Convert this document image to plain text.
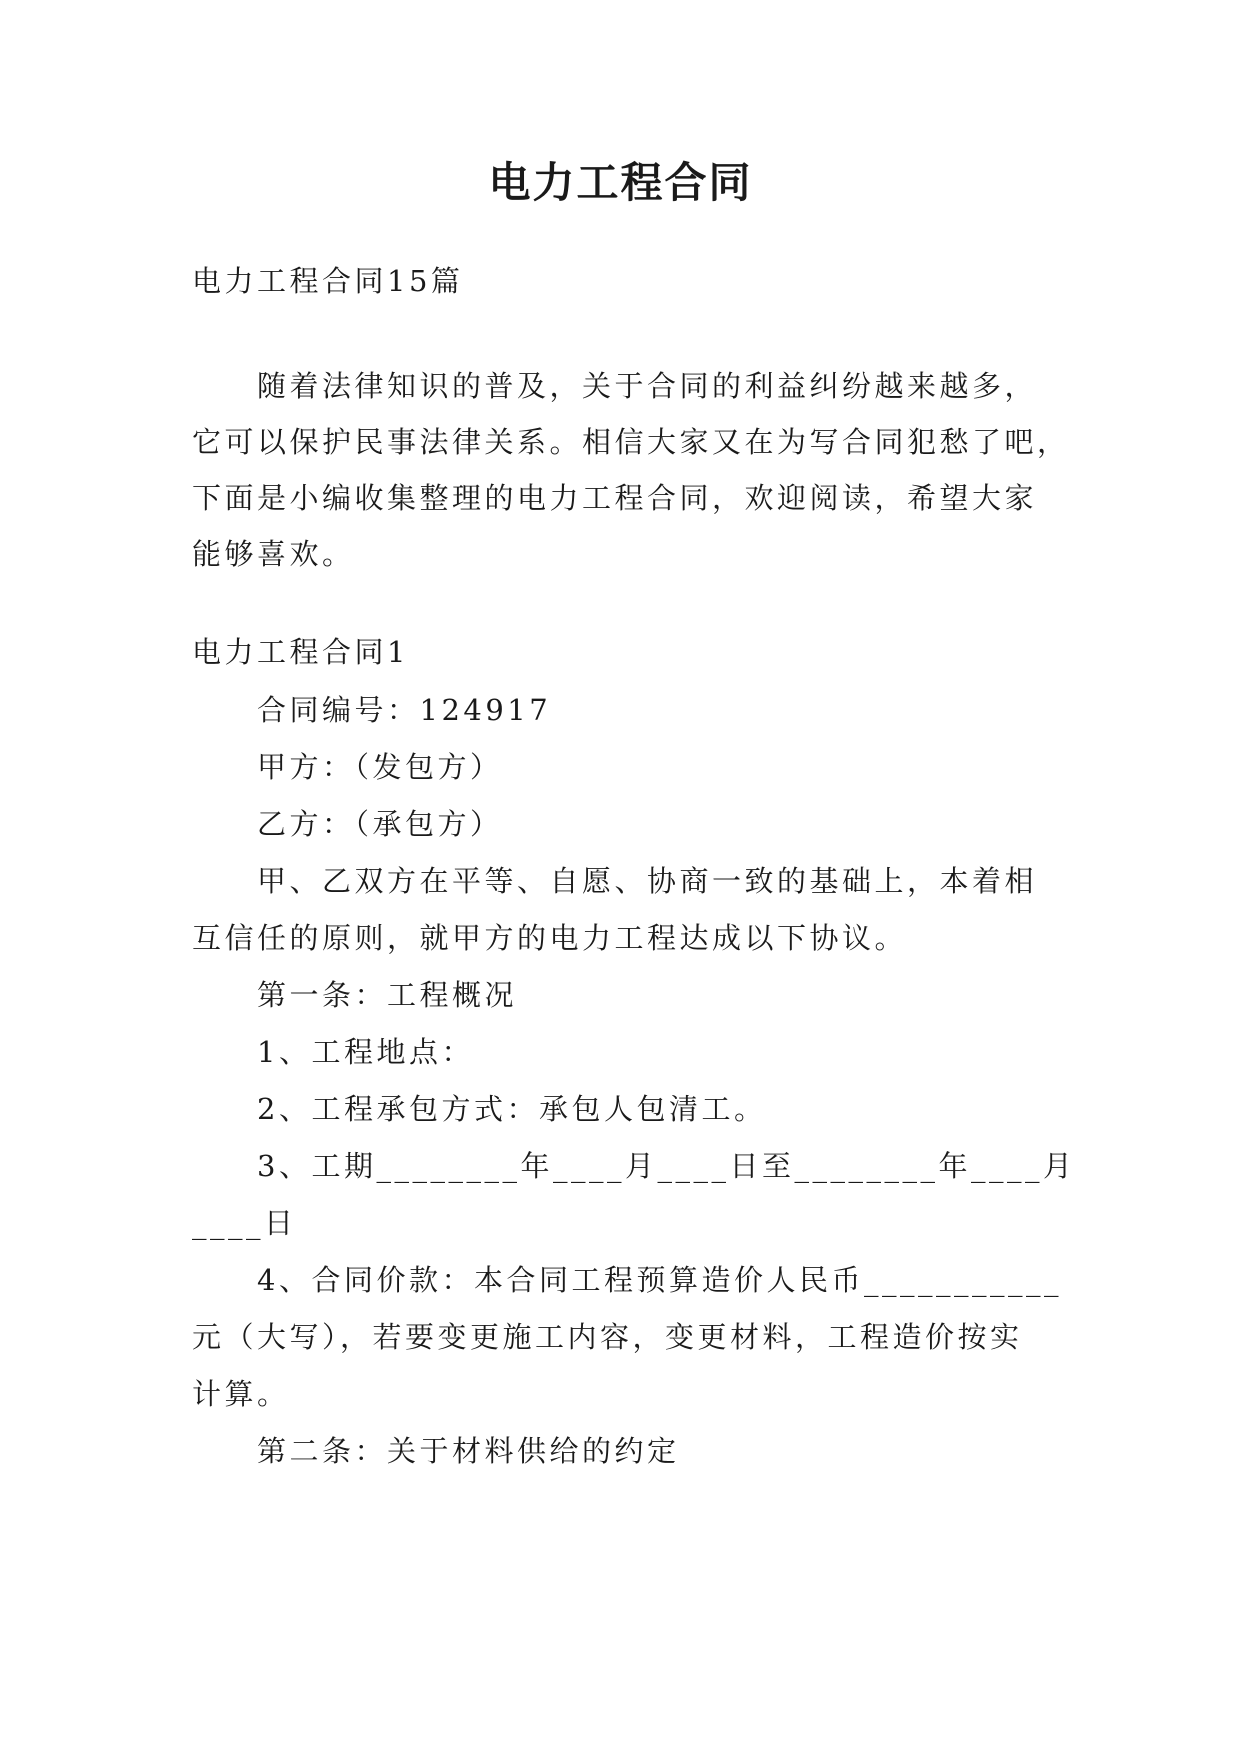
电力工程合同
电力工程合同15篇
随着法律知识的普及，关于合同的利益纠纷越来越多，
它可以保护民事法律关系。相信大家又在为写合同犯愁了吧，
下面是小编收集整理的电力工程合同，欢迎阅读，希望大家
能够喜欢。
电力工程合同1
合同编号：124917
甲方：（发包方）
乙方：（承包方）
甲、乙双方在平等、自愿、协商一致的基础上，本着相
互信任的原则，就甲方的电力工程达成以下协议。
第一条：工程概况
1、工程地点：
2、工程承包方式：承包人包清工。
3、工期________年____月____日至________年____月
____日
4、合同价款：本合同工程预算造价人民币___________
元（大写），若要变更施工内容，变更材料，工程造价按实
计算。
第二条：关于材料供给的约定
